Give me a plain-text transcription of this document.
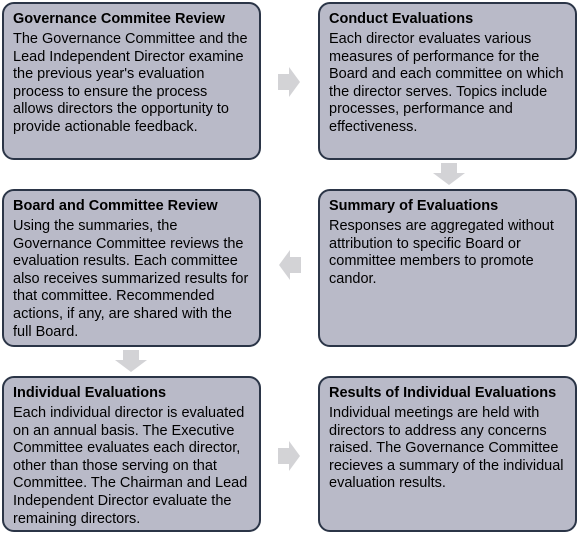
Governance Commitee Review
The Governance Committee and the Lead Independent Director examine the previous year's evaluation process to ensure the process allows directors the opportunity to provide actionable feedback.
Conduct Evaluations
Each director evaluates various measures of performance for the Board and each committee on which the director serves. Topics include processes, performance and effectiveness.
Board and Committee Review
Using the summaries, the Governance Committee reviews the evaluation results. Each committee also receives summarized results for that committee. Recommended actions, if any, are shared with the full Board.
Summary of Evaluations
Responses are aggregated without attribution to specific Board or committee members to promote candor.
Individual Evaluations
Each individual director is evaluated on an annual basis. The Executive Committee evaluates each director, other than those serving on that Committee. The Chairman and Lead Independent Director evaluate the remaining directors.
Results of Individual Evaluations
Individual meetings are held with directors to address any concerns raised. The Governance Committee recieves a summary of the individual evaluation results.
